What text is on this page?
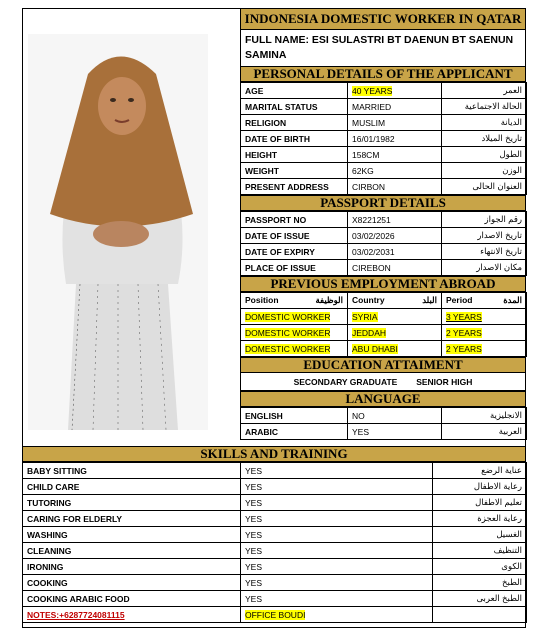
INDONESIA DOMESTIC WORKER IN QATAR
FULL NAME: ESI SULASTRI BT DAENUN BT SAENUN SAMINA
PERSONAL DETAILS OF THE APPLICANT
AGE	40 YEARS	العمر
MARITAL STATUS	MARRIED	الحالة الاجتماعية
RELIGION	MUSLIM	الديانة
DATE OF BIRTH	16/01/1982	تاريخ الميلاد
HEIGHT	158CM	الطول
WEIGHT	62KG	الوزن
PRESENT ADDRESS	CIRBON	العنوان الحالى
PASSPORT DETAILS
PASSPORT NO	X8221251	رقم الجواز
DATE OF ISSUE	03/02/2026	تاريخ الاصدار
DATE OF EXPIRY	03/02/2031	تاريخ الانتهاء
PLACE OF ISSUE	CIREBON	مكان الاصدار
PREVIOUS EMPLOYMENT ABROAD
Position الوظيفة	Country البلد	Period المدة

DOMESTIC WORKER	SYRIA	3 YEARS
DOMESTIC WORKER	JEDDAH	2 YEARS
DOMESTIC WORKER	ABU DHABI	2 YEARS
EDUCATION ATTAIMENT
SECONDARY GRADUATE        SENIOR HIGH
LANGUAGE
ENGLISH	NO	الانجليزية
ARABIC	YES	العربية
SKILLS AND TRAINING
BABY SITTING	YES	عناية الرضع
CHILD CARE	YES	رعاية الاطفال
TUTORING	YES	تعليم الاطفال
CARING FOR ELDERLY	YES	رعاية العجزة
WASHING	YES	الغسيل
CLEANING	YES	التنظيف
IRONING	YES	الكوى
COOKING	YES	الطبخ
COOKING ARABIC FOOD	YES	الطبخ العربى
NOTES:+6287724081115	OFFICE BOUDI	
